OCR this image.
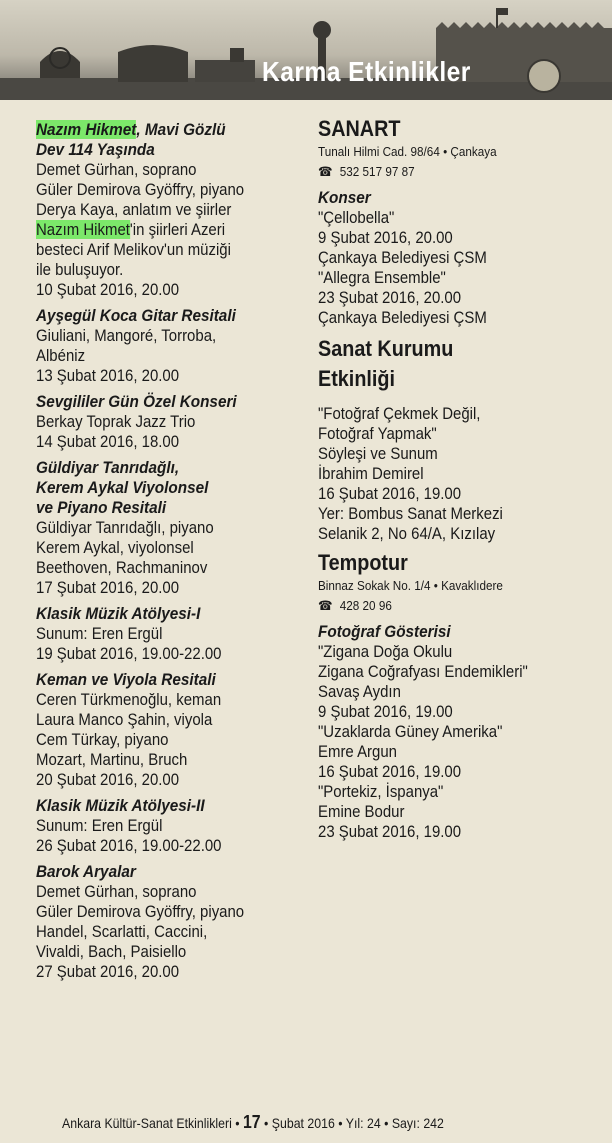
Karma Etkinlikler
Nazım Hikmet, Mavi Gözlü
Dev 114 Yaşında
Demet Gürhan, soprano
Güler Demirova Gyöffry, piyano
Derya Kaya, anlatım ve şiirler
Nazım Hikmet'in şiirleri Azeri
besteci Arif Melikov'un müziği
ile buluşuyor.
10 Şubat 2016, 20.00
Ayşegül Koca Gitar Resitali
Giuliani, Mangoré, Torroba,
Albéniz
13 Şubat 2016, 20.00
Sevgililer Gün Özel Konseri
Berkay Toprak Jazz Trio
14 Şubat 2016, 18.00
Güldiyar Tanrıdağlı,
Kerem Aykal Viyolonsel
ve Piyano Resitali
Güldiyar Tanrıdağlı, piyano
Kerem Aykal, viyolonsel
Beethoven, Rachmaninov
17 Şubat 2016, 20.00
Klasik Müzik Atölyesi-I
Sunum: Eren Ergül
19 Şubat 2016, 19.00-22.00
Keman ve Viyola Resitali
Ceren Türkmenoğlu, keman
Laura Manco Şahin, viyola
Cem Türkay, piyano
Mozart, Martinu, Bruch
20 Şubat 2016, 20.00
Klasik Müzik Atölyesi-II
Sunum: Eren Ergül
26 Şubat 2016, 19.00-22.00
Barok Aryalar
Demet Gürhan, soprano
Güler Demirova Gyöffry, piyano
Handel, Scarlatti, Caccini,
Vivaldi, Bach, Paisiello
27 Şubat 2016, 20.00
SANART
Tunalı Hilmi Cad. 98/64 • Çankaya
☎ 532 517 97 87
Konser
"Çellobella"
9 Şubat 2016, 20.00
Çankaya Belediyesi ÇSM
"Allegra Ensemble"
23 Şubat 2016, 20.00
Çankaya Belediyesi ÇSM
Sanat Kurumu
Etkinliği
"Fotoğraf Çekmek Değil,
Fotoğraf Yapmak"
Söyleşi ve Sunum
İbrahim Demirel
16 Şubat 2016, 19.00
Yer: Bombus Sanat Merkezi
Selanik 2, No 64/A, Kızılay
Tempotur
Binnaz Sokak No. 1/4 • Kavaklıdere
☎ 428 20 96
Fotoğraf Gösterisi
"Zigana Doğa Okulu
Zigana Coğrafyası Endemikleri"
Savaş Aydın
9 Şubat 2016, 19.00
"Uzaklarda Güney Amerika"
Emre Argun
16 Şubat 2016, 19.00
"Portekiz, İspanya"
Emine Bodur
23 Şubat 2016, 19.00
Ankara Kültür-Sanat Etkinlikleri • 17 • Şubat 2016 • Yıl: 24 • Sayı: 242
